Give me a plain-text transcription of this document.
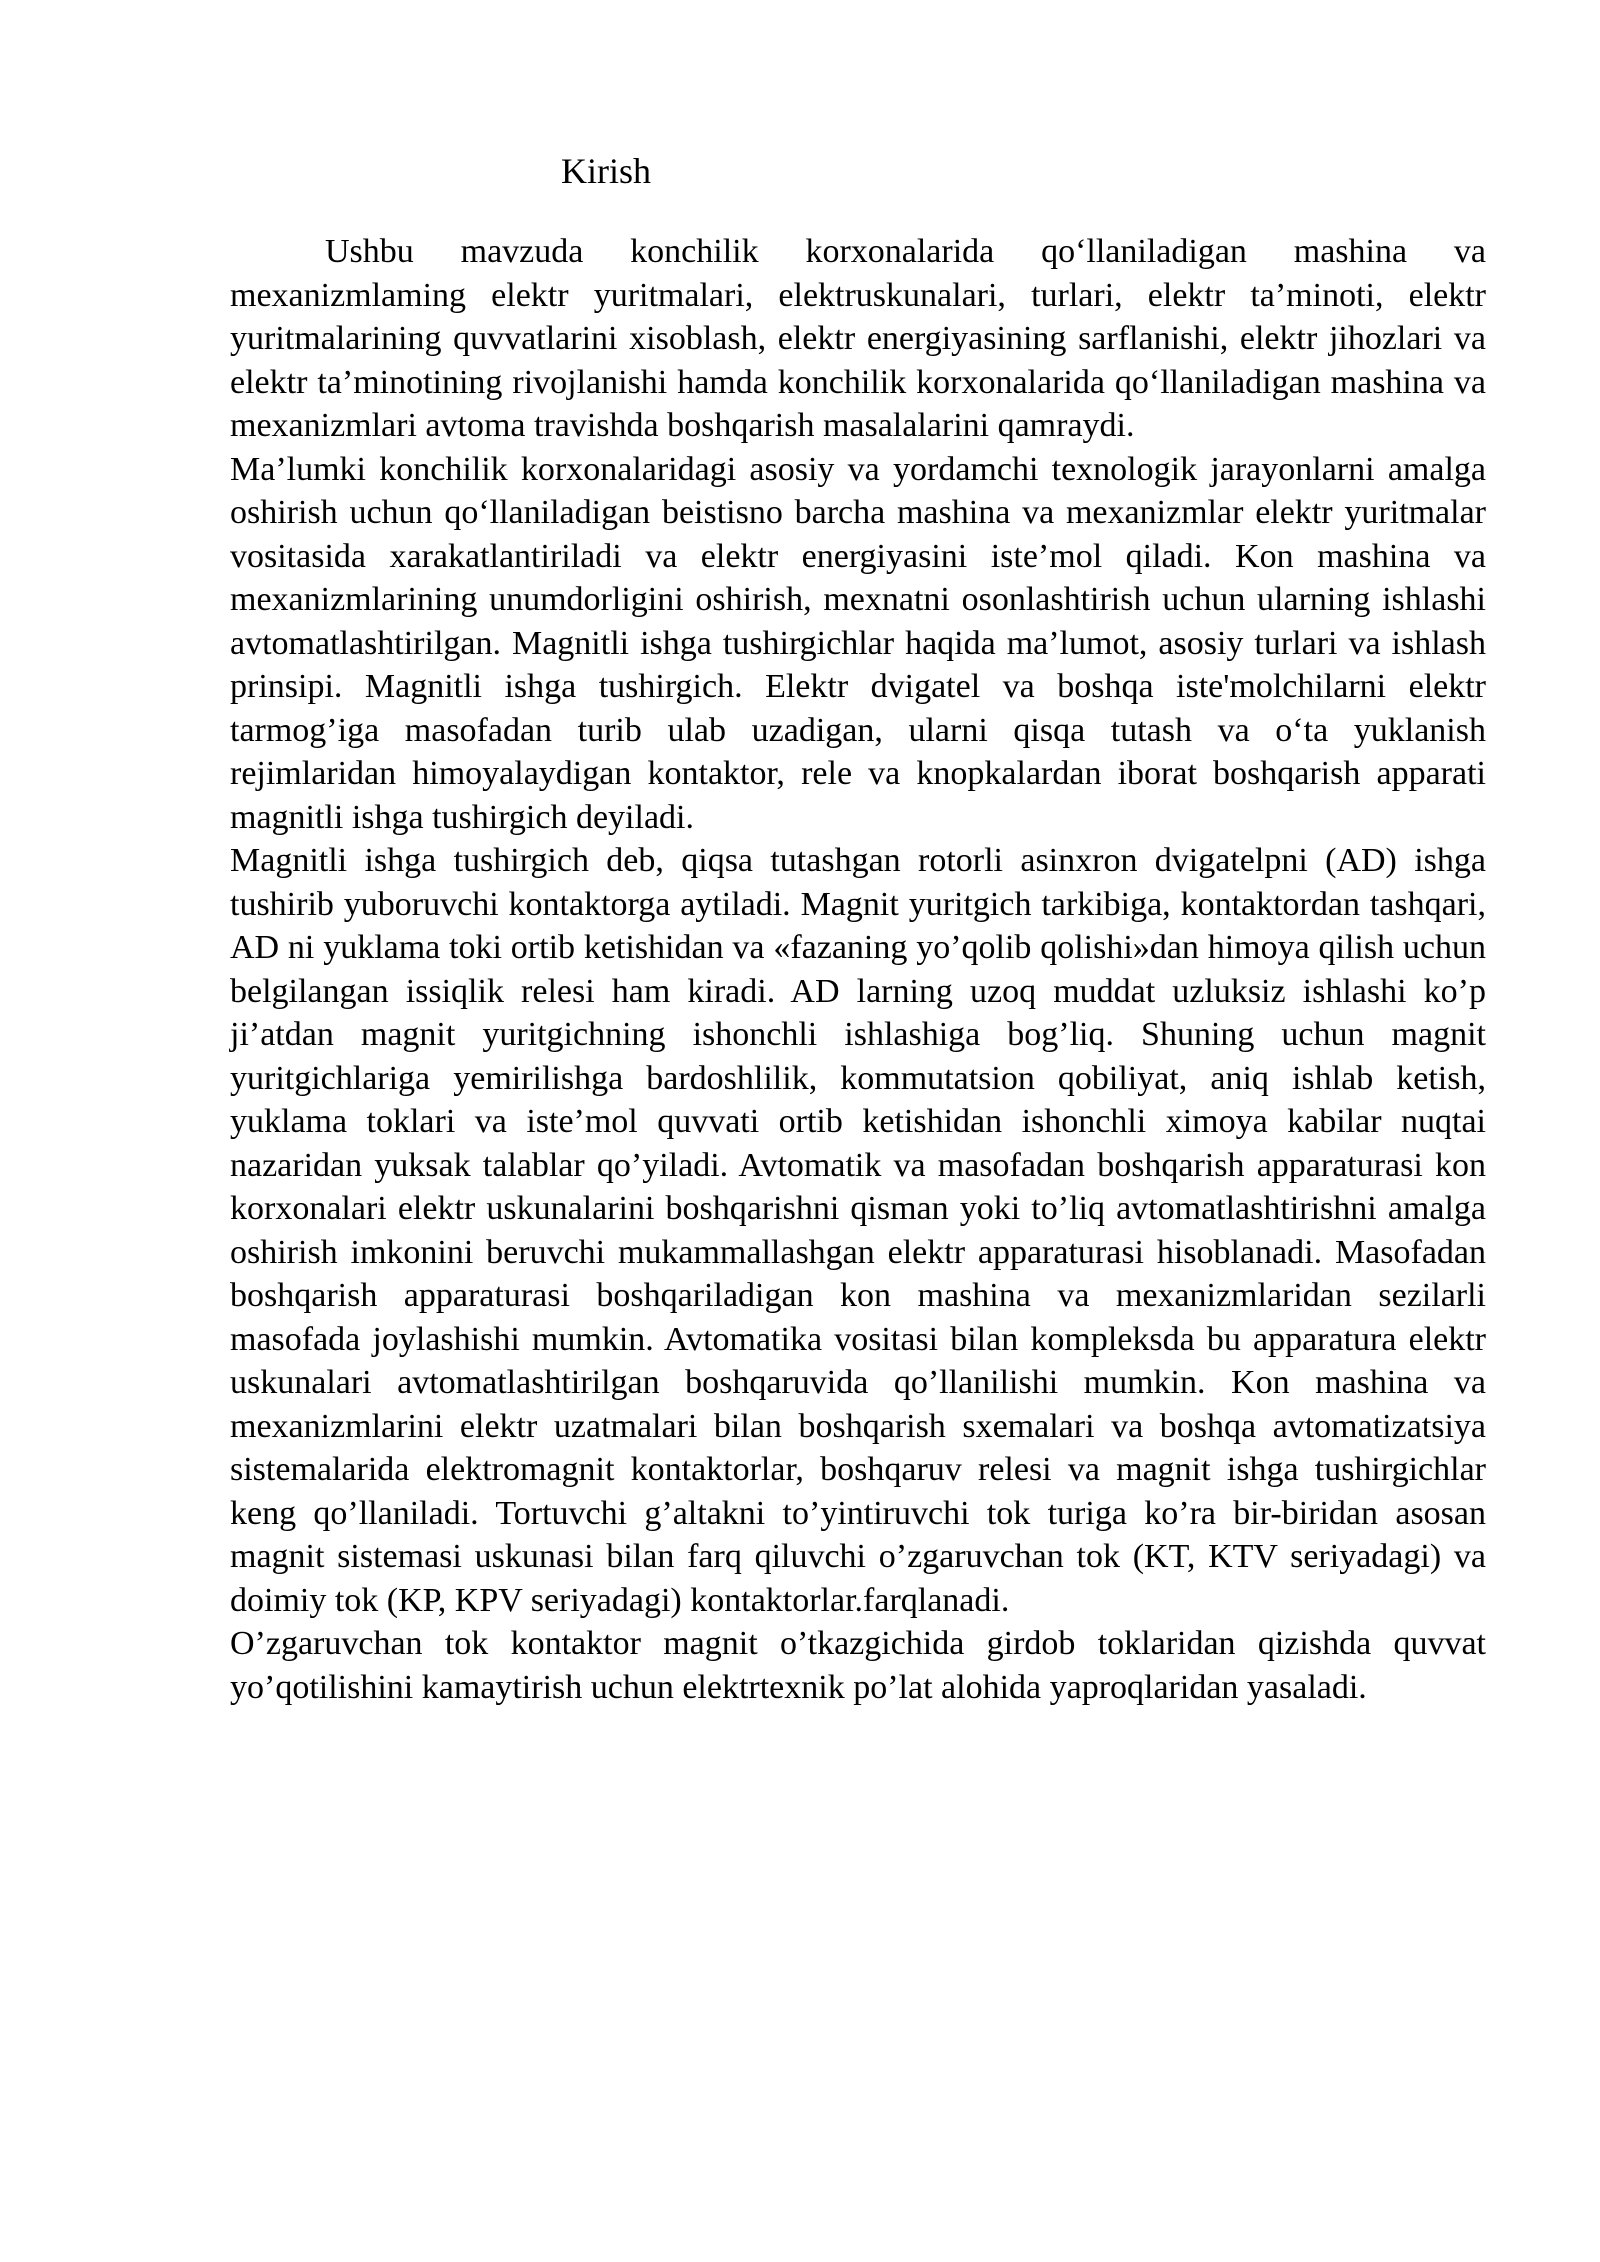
Kirish

Ushbu mavzuda konchilik korxonalarida qo‘llaniladigan mashina va mexanizmlaming elektr yuritmalari, elektruskunalari, turlari, elektr ta’minoti, elektr yuritmalarining quvvatlarini xisoblash, elektr energiyasining sarflanishi, elektr jihozlari va elektr ta’minotining rivojlanishi hamda konchilik korxonalarida qo‘llaniladigan mashina va mexanizmlari avtoma travishda boshqarish masalalarini qamraydi.

Ma’lumki konchilik korxonalaridagi asosiy va yordamchi texnologik jarayonlarni amalga oshirish uchun qo‘llaniladigan beistisno barcha mashina va mexanizmlar elektr yuritmalar vositasida xarakatlantiriladi va elektr energiyasini iste’mol qiladi. Kon mashina va mexanizmlarining unumdorligini oshirish, mexnatni osonlashtirish uchun ularning ishlashi avtomatlashtirilgan. Magnitli ishga tushirgichlar haqida ma’lumot, asosiy turlari va ishlash prinsipi. Magnitli ishga tushirgich. Elektr dvigatel va boshqa iste'molchilarni elektr tarmog’iga masofadan turib ulab uzadigan, ularni qisqa tutash va o‘ta yuklanish rejimlaridan himoyalaydigan kontaktor, rele va knopkalardan iborat boshqarish apparati magnitli ishga tushirgich deyiladi.

Magnitli ishga tushirgich deb, qiqsa tutashgan rotorli asinxron dvigatelpni (AD) ishga tushirib yuboruvchi kontaktorga aytiladi. Magnit yuritgich tarkibiga, kontaktordan tashqari, AD ni yuklama toki ortib ketishidan va «fazaning yo’qolib qolishi»dan himoya qilish uchun belgilangan issiqlik relesi ham kiradi. AD larning uzoq muddat uzluksiz ishlashi ko’p ji’atdan magnit yuritgichning ishonchli ishlashiga bog’liq. Shuning uchun magnit yuritgichlariga yemirilishga bardoshlilik, kommutatsion qobiliyat, aniq ishlab ketish, yuklama toklari va iste’mol quvvati ortib ketishidan ishonchli ximoya kabilar nuqtai nazaridan yuksak talablar qo’yiladi. Avtomatik va masofadan boshqarish apparaturasi kon korxonalari elektr uskunalarini boshqarishni qisman yoki to’liq avtomatlashtirishni amalga oshirish imkonini beruvchi mukammallashgan elektr apparaturasi hisoblanadi. Masofadan boshqarish apparaturasi boshqariladigan kon mashina va mexanizmlaridan sezilarli masofada joylashishi mumkin. Avtomatika vositasi bilan kompleksda bu apparatura elektr uskunalari avtomatlashtirilgan boshqaruvida qo’llanilishi mumkin. Kon mashina va mexanizmlarini elektr uzatmalari bilan boshqarish sxemalari va boshqa avtomatizatsiya sistemalarida elektromagnit kontaktorlar, boshqaruv relesi va magnit ishga tushirgichlar keng qo’llaniladi. Tortuvchi g’altakni to’yintiruvchi tok turiga ko’ra bir-biridan asosan magnit sistemasi uskunasi bilan farq qiluvchi o’zgaruvchan tok (KT, KTV seriyadagi) va doimiy tok (KP, KPV seriyadagi) kontaktorlar.farqlanadi.

O’zgaruvchan tok kontaktor magnit o’tkazgichida girdob toklaridan qizishda quvvat yo’qotilishini kamaytirish uchun elektrtexnik po’lat alohida yaproqlaridan yasaladi.
